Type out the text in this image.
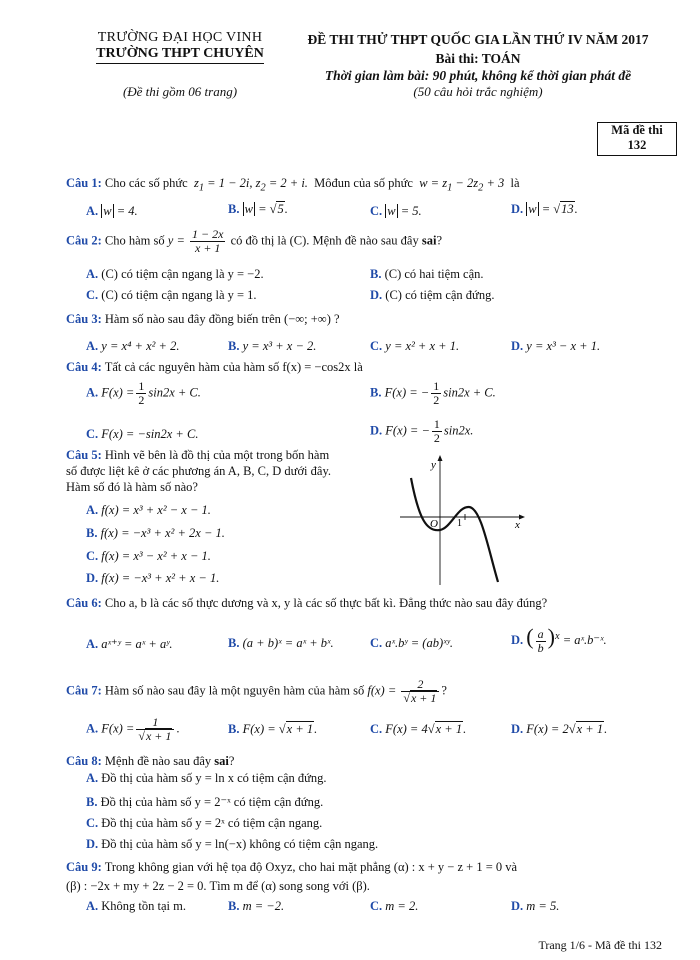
TRƯỜNG ĐẠI HỌC VINH
TRƯỜNG THPT CHUYÊN
(Đề thi gồm 06 trang)
ĐỀ THI THỬ THPT QUỐC GIA LẦN THỨ IV NĂM 2017
Bài thi: TOÁN
Thời gian làm bài: 90 phút, không kể thời gian phát đề
(50 câu hỏi trắc nghiệm)
Mã đề thi
132
Câu 1: Cho các số phức  $z_1 = 1 - 2i$, $z_2 = 2 + i$.  Môđun của số phức  $w = z_1 - 2z_2 + 3$  là
A. w = 4.	B. w = √5.	C. w = 5.	D. w = √13.
Câu 2: Cho hàm số $y = \frac{1 - 2x}{x + 1}$ có đồ thị là (C). Mệnh đề nào sau đây sai?
A. (C) có tiệm cận ngang là y = −2.	B. (C) có hai tiệm cận.
C. (C) có tiệm cận ngang là y = 1.	D. (C) có tiệm cận đứng.
Câu 3: Hàm số nào sau đây đồng biến trên (−∞; +∞) ?
A. y = x⁴ + x² + 2.	B. y = x³ + x − 2.	C. y = x² + x + 1.	D. y = x³ − x + 1.
Câu 4: Tất cả các nguyên hàm của hàm số f(x) = −cos2x là
A. $F(x) = \frac{1}{2} \sin 2x + C$.	B. F(x) = − $\frac{1}{2} \sin 2x + C$.
C. F(x) = −sin2x + C.	D. F(x) = − $\frac{1}{2} \sin 2x$.
Câu 5: Hình vẽ bên là đồ thị của một trong bốn hàm
số được liệt kê ở các phương án A, B, C, D dưới đây.
Hàm số đó là hàm số nào?
A. f(x) = x³ + x² − x − 1.
B. f(x) = −x³ + x² + 2x − 1.
C. f(x) = x³ − x² + x − 1.
D. f(x) = −x³ + x² + x − 1.
y
x
O 1
Câu 6: Cho a, b là các số thực dương và x, y là các số thực bất kì. Đẳng thức nào sau đây đúng?
A. aˣ⁺ʸ = aˣ + aʸ.	B. (a + b)ˣ = aˣ + bˣ.	C. aˣ.bʸ = (ab)ˣʸ.	D. ( $\frac{a}{b} )^x$ = aˣ.b⁻ˣ.
Câu 7: Hàm số nào sau đây là một nguyên hàm của hàm số $f(x) = \frac{2}{√x + 1}$ ?
A. $F(x) = \frac{1}{√x + 1}$ .	B. F(x) = √x + 1.	C. F(x) = 4√x + 1.	D. F(x) = 2√x + 1.
Câu 8: Mệnh đề nào sau đây sai?
A. Đồ thị của hàm số y = ln x có tiệm cận đứng.
B. Đồ thị của hàm số y = 2⁻ˣ có tiệm cận đứng.
C. Đồ thị của hàm số y = 2ˣ có tiệm cận ngang.
D. Đồ thị của hàm số y = ln(−x) không có tiệm cận ngang.
Câu 9: Trong không gian với hệ tọa độ Oxyz, cho hai mặt phẳng (α) : x + y − z + 1 = 0 và
(β) : −2x + my + 2z − 2 = 0. Tìm m để (α) song song với (β).
A. Không tồn tại m.	B. m = −2.	C. m = 2.	D. m = 5.
Trang 1/6 - Mã đề thi 132
